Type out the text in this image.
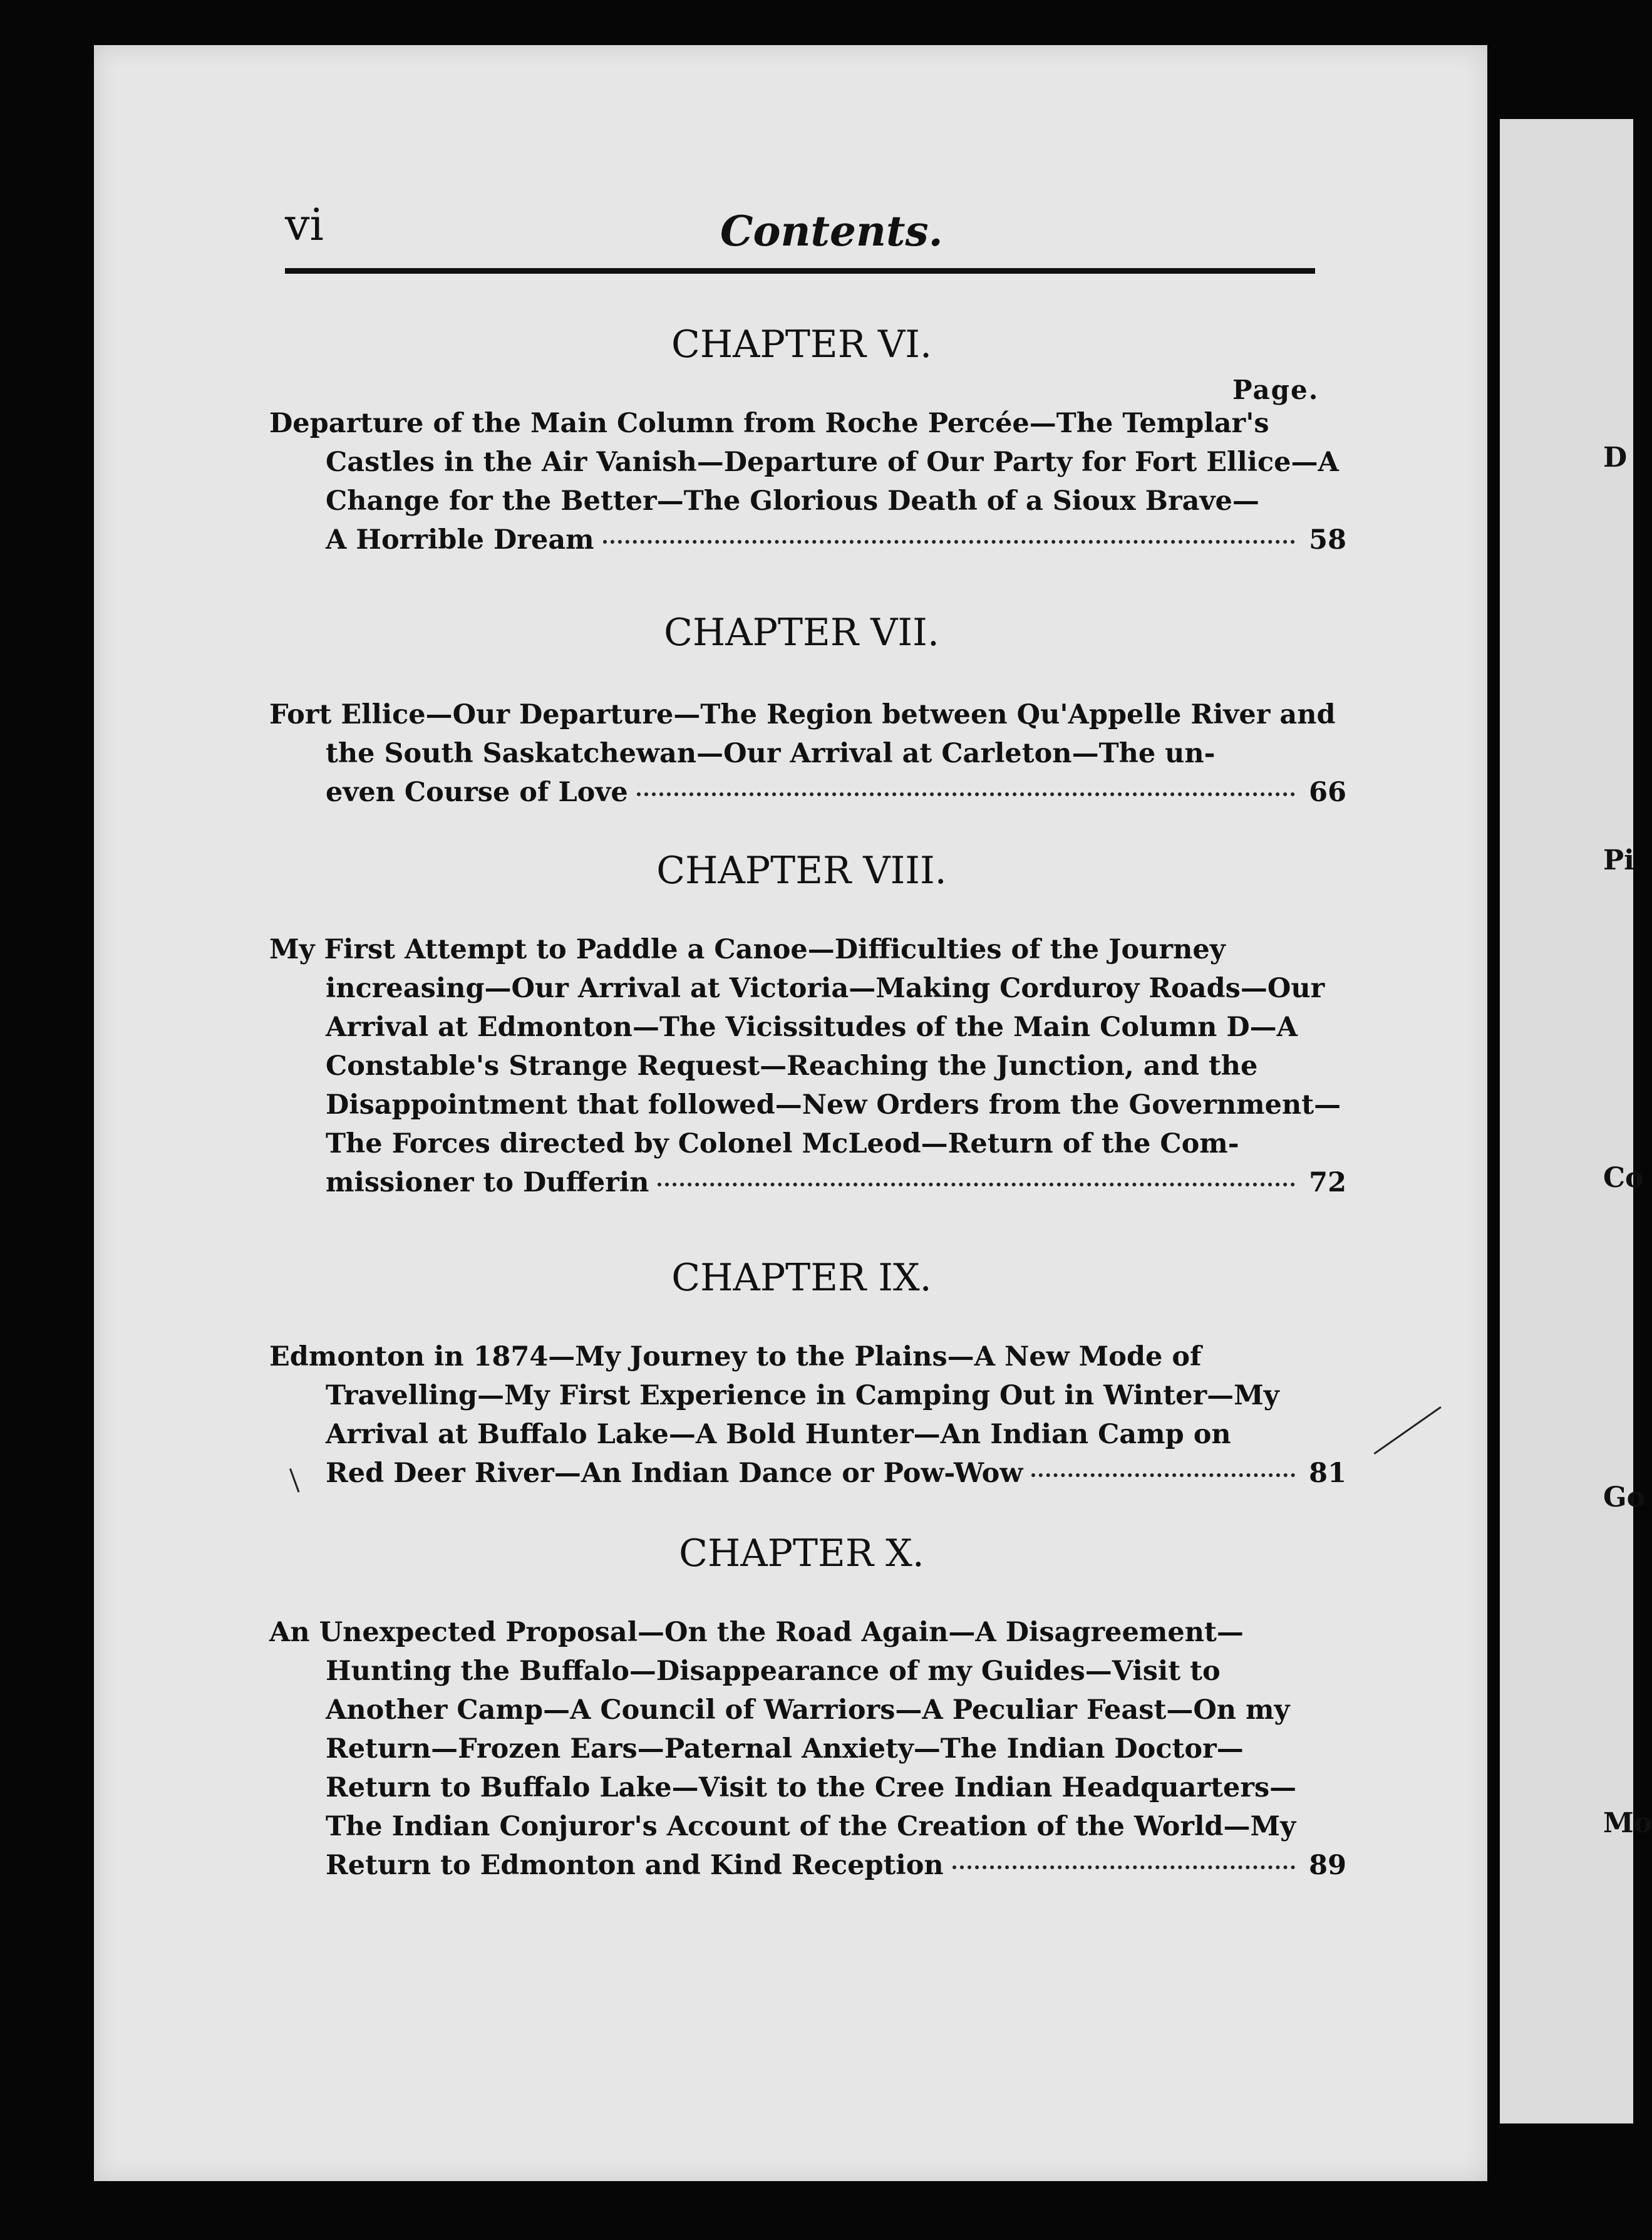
vi	Contents.
Page.
CHAPTER VI.
Departure of the Main Column from Roche Percée—The Templar's Castles in the Air Vanish—Departure of Our Party for Fort Ellice—A Change for the Better—The Glorious Death of a Sioux Brave—
A Horrible Dream	58
CHAPTER VII.
Fort Ellice—Our Departure—The Region between Qu'Appelle River and the South Saskatchewan—Our Arrival at Carleton—The un-
even Course of Love	66
CHAPTER VIII.
My First Attempt to Paddle a Canoe—Difficulties of the Journey increasing—Our Arrival at Victoria—Making Corduroy Roads—Our Arrival at Edmonton—The Vicissitudes of the Main Column D—A Constable's Strange Request—Reaching the Junction, and the Disappointment that followed—New Orders from the Government—The Forces directed by Colonel McLeod—Return of the Com-
missioner to Dufferin	72
CHAPTER IX.
Edmonton in 1874—My Journey to the Plains—A New Mode of Travelling—My First Experience in Camping Out in Winter—My Arrival at Buffalo Lake—A Bold Hunter—An Indian Camp on
Red Deer River—An Indian Dance or Pow-Wow	81
CHAPTER X.
An Unexpected Proposal—On the Road Again—A Disagreement—Hunting the Buffalo—Disappearance of my Guides—Visit to Another Camp—A Council of Warriors—A Peculiar Feast—On my Return—Frozen Ears—Paternal Anxiety—The Indian Doctor—Return to Buffalo Lake—Visit to the Cree Indian Headquarters—The Indian Conjuror's Account of the Creation of the World—My
Return to Edmonton and Kind Reception	89
D
Pi
Co
Go
Mo
